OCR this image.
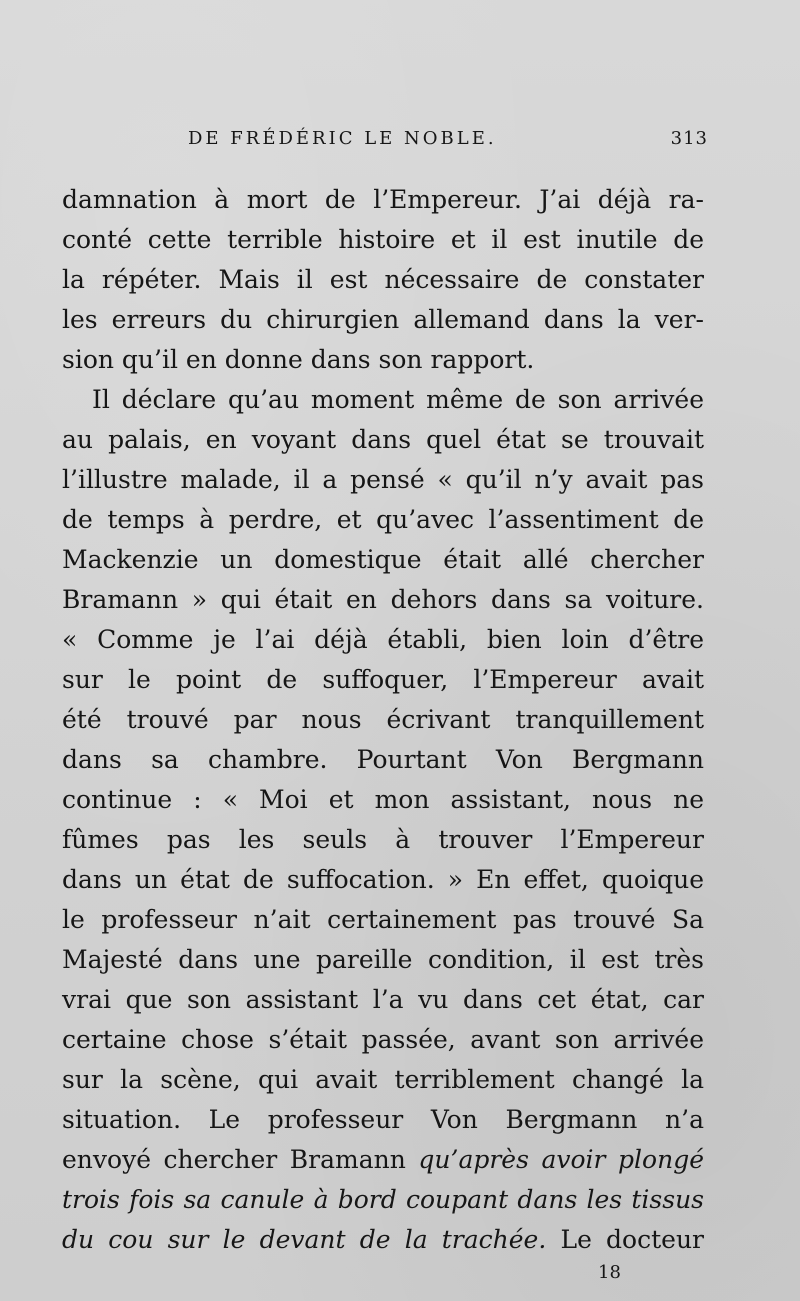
DE FRÉDÉRIC LE NOBLE.	313
damnation à mort de l’Empereur. J’ai déjà ra-
conté cette terrible histoire et il est inutile de
la répéter. Mais il est nécessaire de constater
les erreurs du chirurgien allemand dans la ver-
sion qu’il en donne dans son rapport.
Il déclare qu’au moment même de son arrivée
au palais, en voyant dans quel état se trouvait
l’illustre malade, il a pensé « qu’il n’y avait pas
de temps à perdre, et qu’avec l’assentiment de
Mackenzie un domestique était allé chercher
Bramann » qui était en dehors dans sa voiture.
« Comme je l’ai déjà établi, bien loin d’être
sur le point de suffoquer, l’Empereur avait
été trouvé par nous écrivant tranquillement
dans sa chambre. Pourtant Von Bergmann
continue : « Moi et mon assistant, nous ne
fûmes pas les seuls à trouver l’Empereur
dans un état de suffocation. » En effet, quoique
le professeur n’ait certainement pas trouvé Sa
Majesté dans une pareille condition, il est très
vrai que son assistant l’a vu dans cet état, car
certaine chose s’était passée, avant son arrivée
sur la scène, qui avait terriblement changé la
situation. Le professeur Von Bergmann n’a
envoyé chercher Bramann qu’après avoir plongé
trois fois sa canule à bord coupant dans les tissus
du cou sur le devant de la trachée. Le docteur
18
